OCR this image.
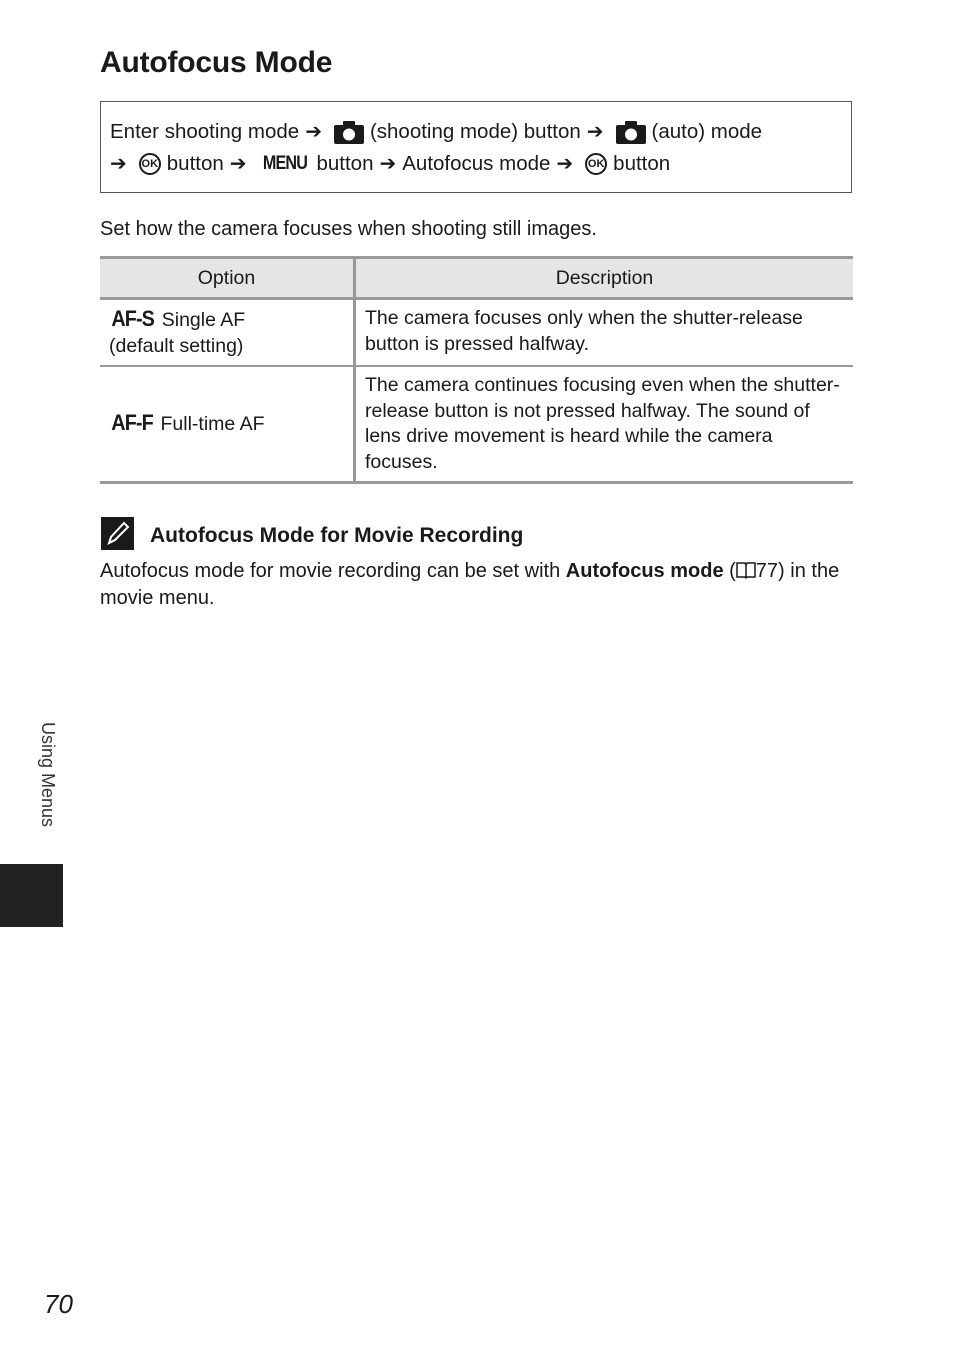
Autofocus Mode
Enter shooting mode ➔ (shooting mode) button ➔ (auto) mode
➔ OK button ➔ MENU button ➔ Autofocus mode ➔ OK button

Set how the camera focuses when shooting still images.

Option	Description
AF-S Single AF
(default setting)	The camera focuses only when the shutter-release button is pressed halfway.
AF-F Full-time AF	The camera continues focusing even when the shutter-release button is not pressed halfway. The sound of lens drive movement is heard while the camera focuses.
Autofocus Mode for Movie Recording

Autofocus mode for movie recording can be set with Autofocus mode ( 77) in the movie menu.

Using Menus

70
